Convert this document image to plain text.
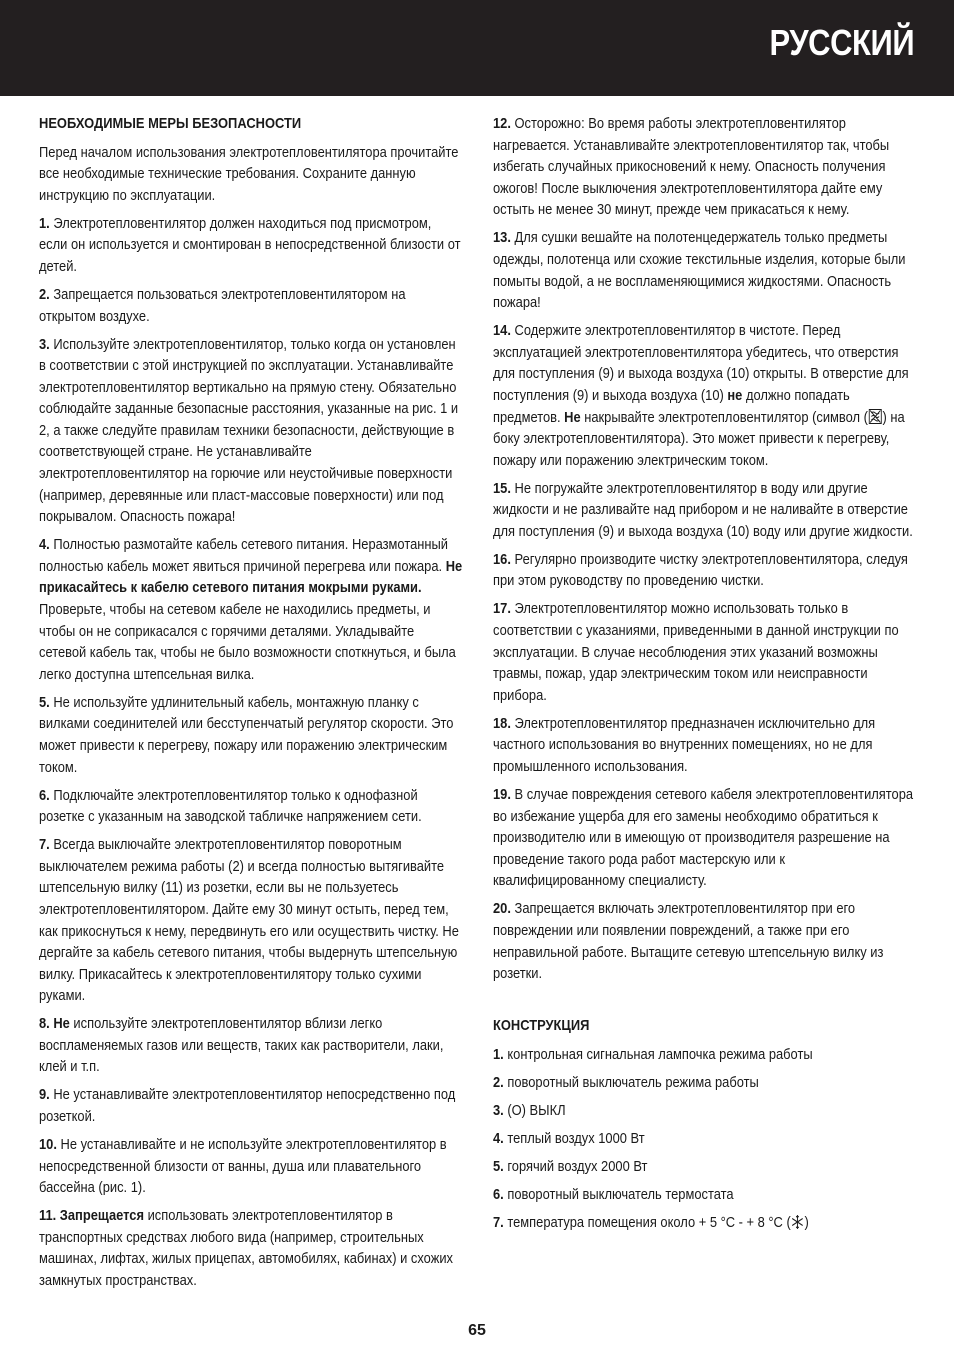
РУССКИЙ
НЕОБХОДИМЫЕ МЕРЫ БЕЗОПАСНОСТИ

Перед началом использования электротепловентилятора прочитайте все необходимые технические требования. Сохраните данную инструкцию по эксплуатации.

1. Электротепловентилятор должен находиться под присмотром, если он используется и смонтирован в непосредственной близости от детей.

2. Запрещается пользоваться электротепловентилятором на открытом воздухе.

3. Используйте электротепловентилятор, только когда он установлен в соответствии с этой инструкцией по эксплуатации. Устанавливайте электротепловентилятор вертикально на прямую стену. Обязательно соблюдайте заданные безопасные расстояния, указанные на рис. 1 и 2, а также следуйте правилам техники безопасности, действующие в соответствующей стране. Не устанавливайте электротепловентилятор на горючие или неустойчивые поверхности (например, деревянные или пласт-массовые поверхности) или под покрывалом. Опасность пожара!

4. Полностью размотайте кабель сетевого питания. Неразмотанный полностью кабель может явиться причиной перегрева или пожара. Не прикасайтесь к кабелю сетевого питания мокрыми руками. Проверьте, чтобы на сетевом кабеле не находились предметы, и чтобы он не соприкасался с горячими деталями. Укладывайте сетевой кабель так, чтобы не было возможности споткнуться, и была легко доступна штепсельная вилка.

5. Не используйте удлинительный кабель, монтажную планку с вилками соединителей или бесступенчатый регулятор скорости. Это может привести к перегреву, пожару или поражению электрическим током.

6. Подключайте электротепловентилятор только к однофазной розетке с указанным на заводской табличке напряжением сети.

7. Всегда выключайте электротепловентилятор поворотным выключателем режима работы (2) и всегда полностью вытягивайте штепсельную вилку (11) из розетки, если вы не пользуетесь электротепловентилятором. Дайте ему 30 минут остыть, перед тем, как прикоснуться к нему, передвинуть его или осуществить чистку. Не дергайте за кабель сетевого питания, чтобы выдернуть штепсельную вилку. Прикасайтесь к электротепловентилятору только сухими руками.

8. Не используйте электротепловентилятор вблизи легко воспламеняемых газов или веществ, таких как растворители, лаки, клей и т.п.

9. Не устанавливайте электротепловентилятор непосредственно под розеткой.

10. Не устанавливайте и не используйте электротепловентилятор в непосредственной близости от ванны, душа или плавательного бассейна (рис. 1).

11. Запрещается использовать электротепловентилятор в транспортных средствах любого вида (например, строительных машинах, лифтах, жилых прицепах, автомобилях, кабинах) и схожих замкнутых пространствах.

12. Осторожно: Во время работы электротепловентилятор нагревается. Устанавливайте электротепловентилятор так, чтобы избегать случайных прикосновений к нему. Опасность получения ожогов! После выключения электротепловентилятора дайте ему остыть не менее 30 минут, прежде чем прикасаться к нему.

13. Для сушки вешайте на полотенцедержатель только предметы одежды, полотенца или схожие текстильные изделия, которые были помыты водой, а не воспламеняющимися жидкостями. Опасность пожара!

14. Содержите электротепловентилятор в чистоте. Перед эксплуатацией электротепловентилятора убедитесь, что отверстия для поступления (9) и выхода воздуха (10) открыты. В отверстие для поступления (9) и выхода воздуха (10) не должно попадать предметов. Не накрывайте электротепловентилятор (символ ( ) на боку электротепловентилятора). Это может привести к перегреву, пожару или поражению электрическим током.

15. Не погружайте электротепловентилятор в воду или другие жидкости и не разливайте над прибором и не наливайте в отверстие для поступления (9) и выхода воздуха (10) воду или другие жидкости.

16. Регулярно производите чистку электротепловентилятора, следуя при этом руководству по проведению чистки.

17. Электротепловентилятор можно использовать только в соответствии с указаниями, приведенными в данной инструкции по эксплуатации. В случае несоблюдения этих указаний возможны травмы, пожар, удар электрическим током или неисправности прибора.

18. Электротепловентилятор предназначен исключительно для частного использования во внутренних помещениях, но не для промышленного использования.

19. В случае повреждения сетевого кабеля электротепловентилятора во избежание ущерба для его замены необходимо обратиться к производителю или в имеющую от производителя разрешение на проведение такого рода работ мастерскую или к квалифицированному специалисту.

20. Запрещается включать электротепловентилятор при его повреждении или появлении повреждений, а также при его неправильной работе. Вытащите сетевую штепсельную вилку из розетки.

КОНСТРУКЦИЯ
1. контрольная сигнальная лампочка режима работы
2. поворотный выключатель режима работы
3. (О) ВЫКЛ
4. теплый воздух 1000 Вт
5. горячий воздух 2000 Вт
6. поворотный выключатель термостата
7. температура помещения около + 5 °C - + 8 °C ( )
65
